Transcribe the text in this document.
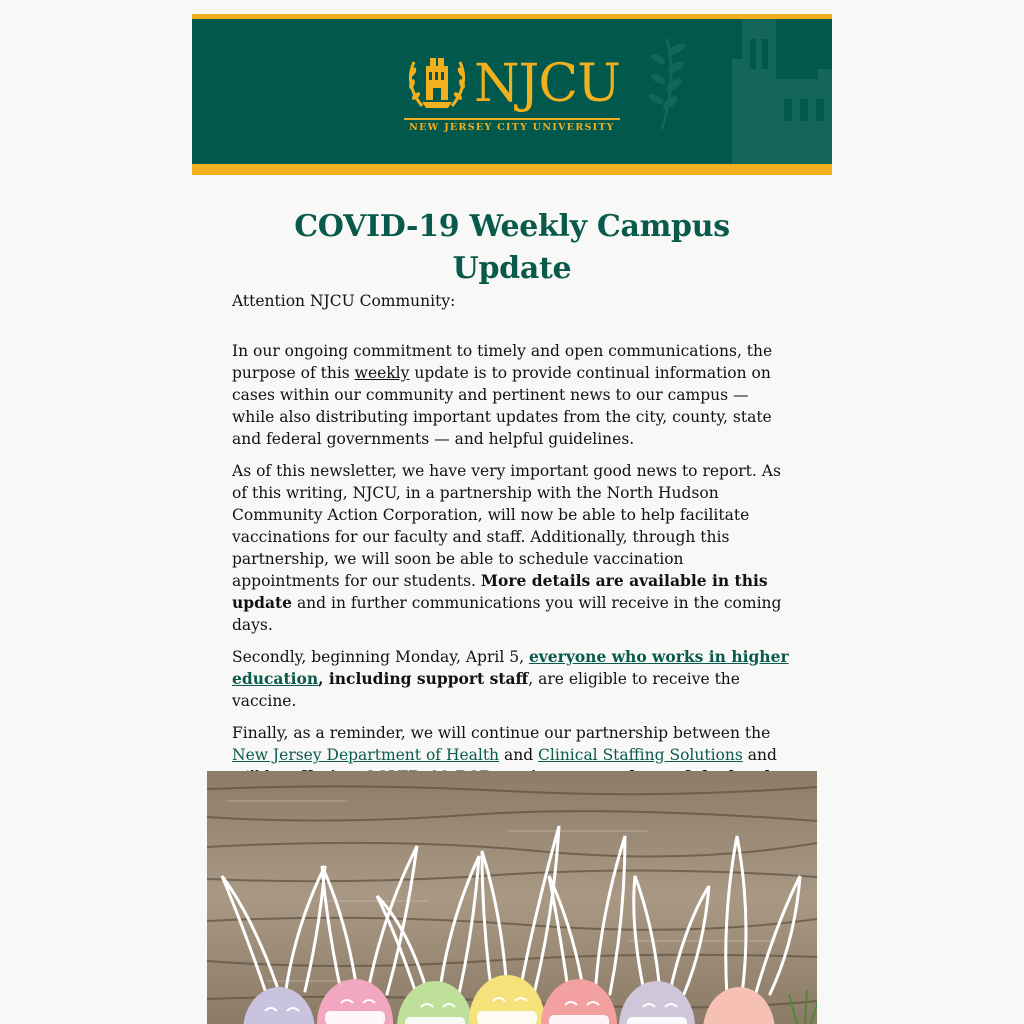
NJCU
NEW JERSEY CITY UNIVERSITY
COVID-19 Weekly Campus Update

Attention NJCU Community:

In our ongoing commitment to timely and open communications, the purpose of this weekly update is to provide continual information on cases within our community and pertinent news to our campus — while also distributing important updates from the city, county, state and federal governments — and helpful guidelines.

As of this newsletter, we have very important good news to report. As of this writing, NJCU, in a partnership with the North Hudson Community Action Corporation, will now be able to help facilitate vaccinations for our faculty and staff. Additionally, through this partnership, we will soon be able to schedule vaccination appointments for our students. More details are available in this update and in further communications you will receive in the coming days.

Secondly, beginning Monday, April 5, everyone who works in higher education, including support staff, are eligible to receive the vaccine.

Finally, as a reminder, we will continue our partnership between the New Jersey Department of Health and Clinical Staffing Solutions and
